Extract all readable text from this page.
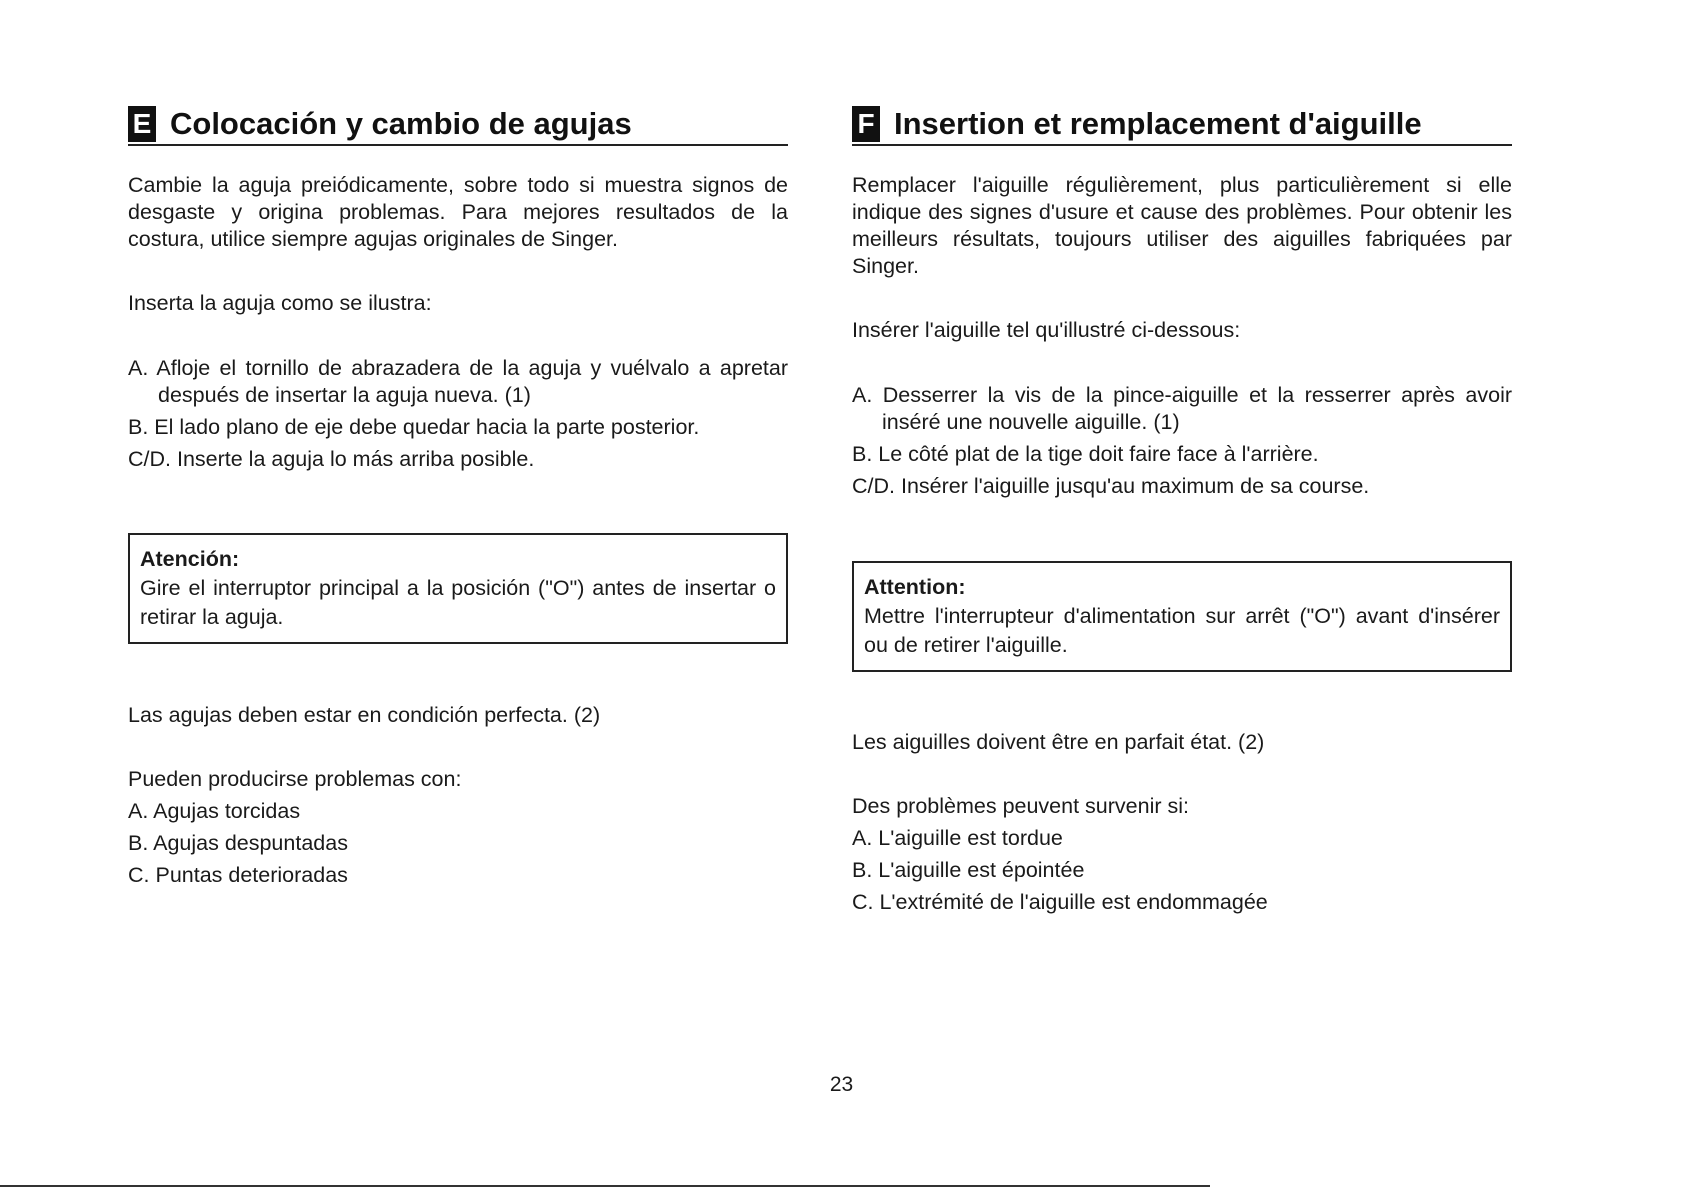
E Colocación y cambio de agujas

Cambie la aguja preiódicamente, sobre todo si muestra signos de desgaste y origina problemas. Para mejores resultados de la costura, utilice siempre agujas originales de Singer.

Inserta la aguja como se ilustra:

A. Afloje el tornillo de abrazadera de la aguja y vuélvalo a apretar después de insertar la aguja nueva. (1)
B. El lado plano de eje debe quedar hacia la parte posterior.
C/D. Inserte la aguja lo más arriba posible.
Atención:
Gire el interruptor principal a la posición ("O") antes de insertar o retirar la aguja.

Las agujas deben estar en condición perfecta. (2)

Pueden producirse problemas con:

A. Agujas torcidas
B. Agujas despuntadas
C. Puntas deterioradas
F Insertion et remplacement d'aiguille

Remplacer l'aiguille régulièrement, plus particulièrement si elle indique des signes d'usure et cause des problèmes. Pour obtenir les meilleurs résultats, toujours utiliser des aiguilles fabriquées par Singer.

Insérer l'aiguille tel qu'illustré ci-dessous:

A. Desserrer la vis de la pince-aiguille et la resserrer après avoir inséré une nouvelle aiguille. (1)
B. Le côté plat de la tige doit faire face à l'arrière.
C/D. Insérer l'aiguille jusqu'au maximum de sa course.
Attention:
Mettre l'interrupteur d'alimentation sur arrêt ("O") avant d'insérer ou de retirer l'aiguille.

Les aiguilles doivent être en parfait état. (2)

Des problèmes peuvent survenir si:

A. L'aiguille est tordue
B. L'aiguille est épointée
C. L'extrémité de l'aiguille est endommagée
23
